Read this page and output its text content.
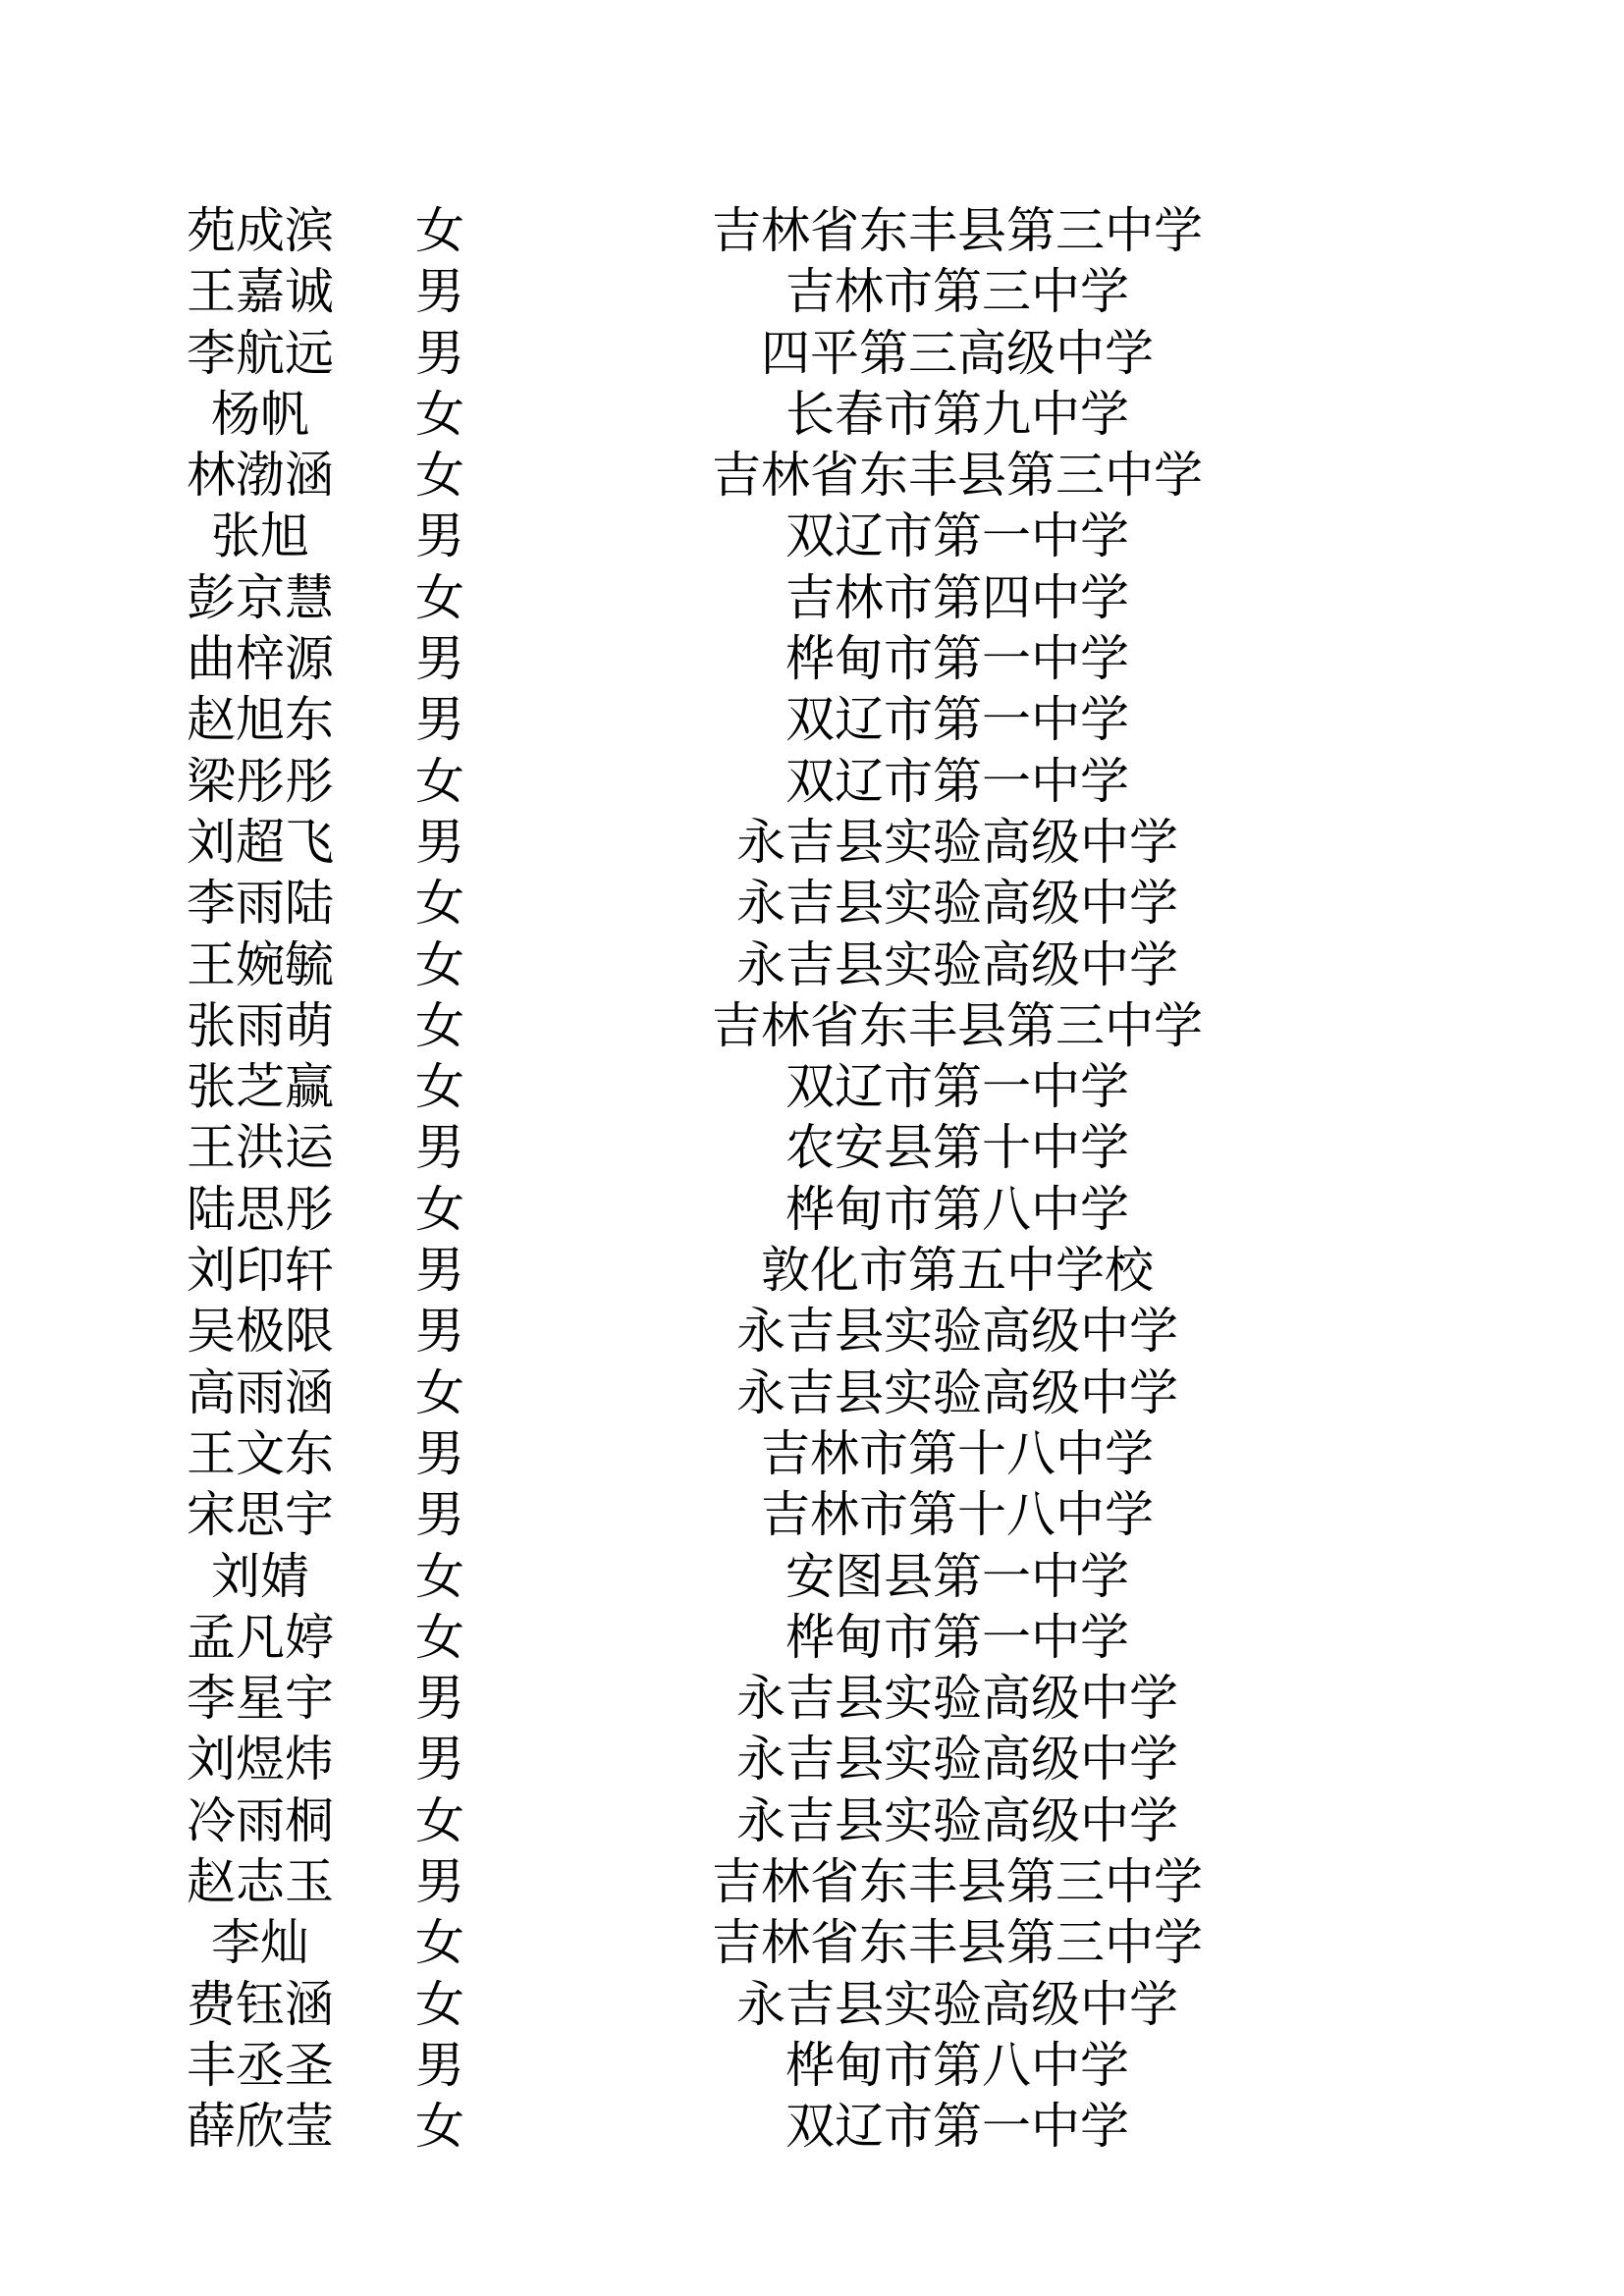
苑成滨	女	吉林省东丰县第三中学
王嘉诚	男	吉林市第三中学
李航远	男	四平第三高级中学
杨帆	女	长春市第九中学
林渤涵	女	吉林省东丰县第三中学
张旭	男	双辽市第一中学
彭京慧	女	吉林市第四中学
曲梓源	男	桦甸市第一中学
赵旭东	男	双辽市第一中学
梁彤彤	女	双辽市第一中学
刘超飞	男	永吉县实验高级中学
李雨陆	女	永吉县实验高级中学
王婉毓	女	永吉县实验高级中学
张雨萌	女	吉林省东丰县第三中学
张芝赢	女	双辽市第一中学
王洪运	男	农安县第十中学
陆思彤	女	桦甸市第八中学
刘印轩	男	敦化市第五中学校
吴极限	男	永吉县实验高级中学
高雨涵	女	永吉县实验高级中学
王文东	男	吉林市第十八中学
宋思宇	男	吉林市第十八中学
刘婧	女	安图县第一中学
孟凡婷	女	桦甸市第一中学
李星宇	男	永吉县实验高级中学
刘煜炜	男	永吉县实验高级中学
冷雨桐	女	永吉县实验高级中学
赵志玉	男	吉林省东丰县第三中学
李灿	女	吉林省东丰县第三中学
费钰涵	女	永吉县实验高级中学
丰丞圣	男	桦甸市第八中学
薛欣莹	女	双辽市第一中学
